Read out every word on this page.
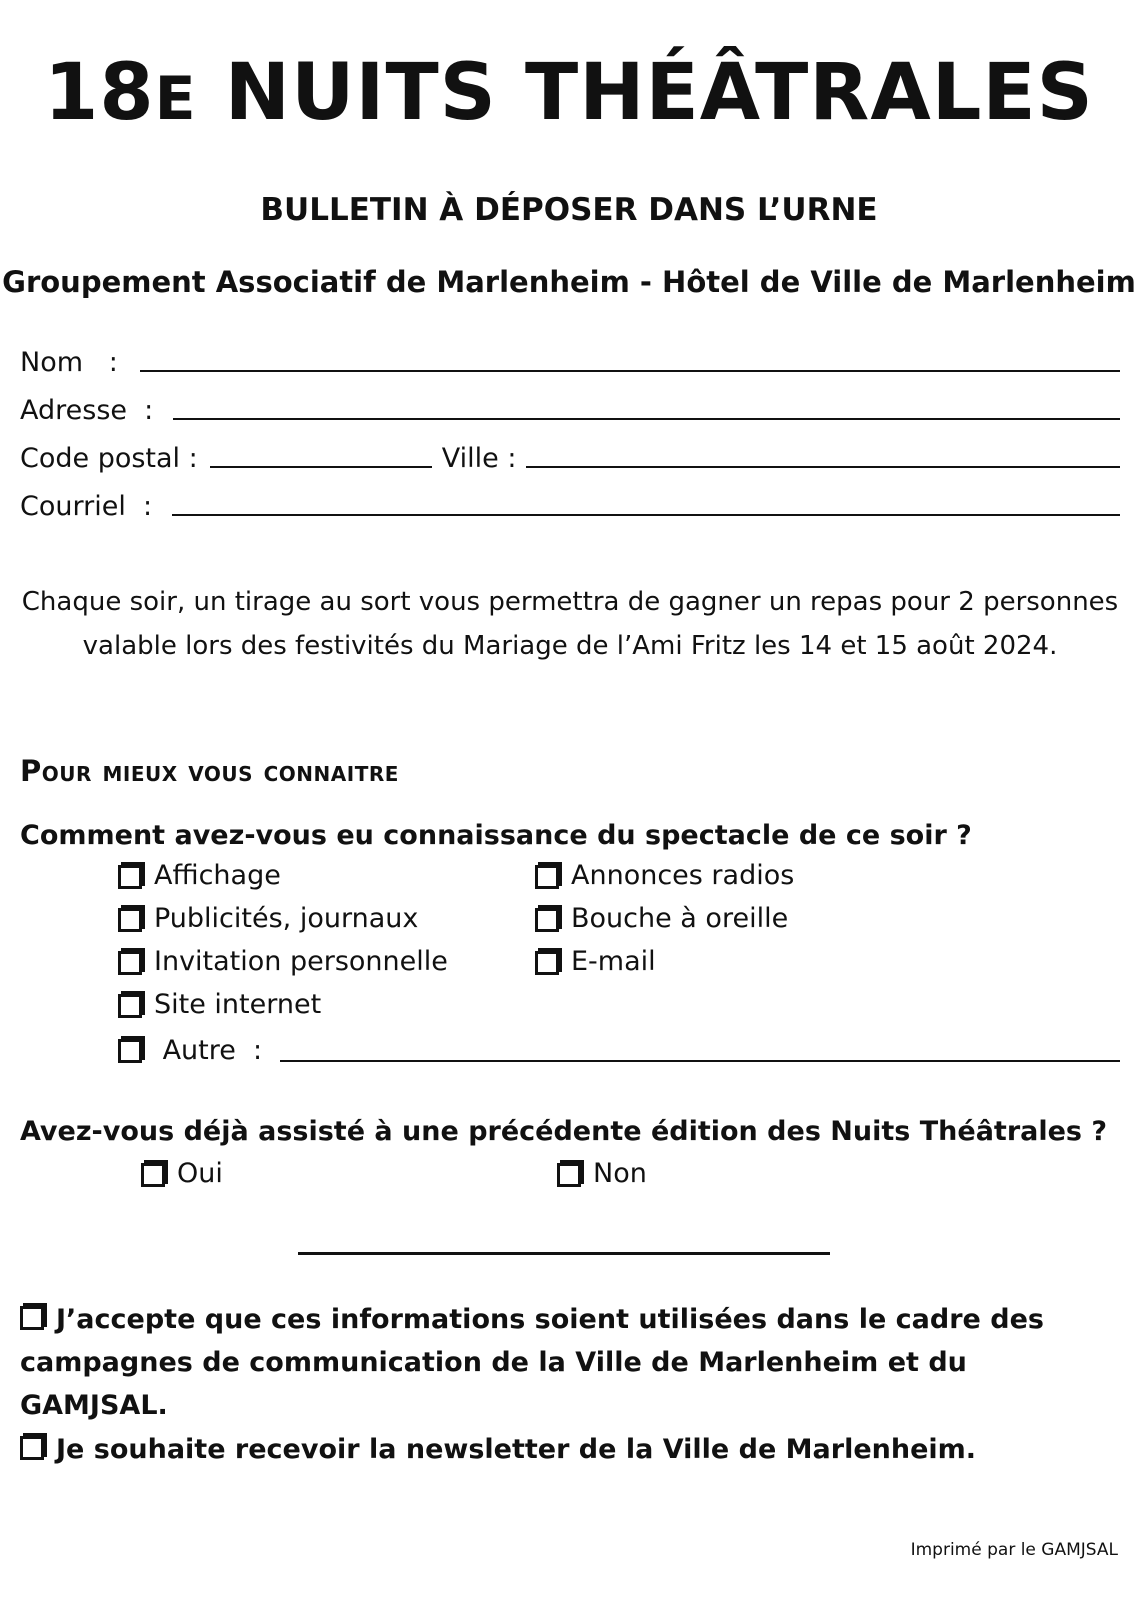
18E NUITS THÉÂTRALES
BULLETIN À DÉPOSER DANS L’URNE
Groupement Associatif de Marlenheim - Hôtel de Ville de Marlenheim
Nom   :
Adresse  :
Code postal :	Ville :
Courriel  :
Chaque soir, un tirage au sort vous permettra de gagner un repas pour 2 personnes valable lors des festivités du Mariage de l’Ami Fritz les 14 et 15 août 2024.
Pour mieux vous connaitre
Comment avez-vous eu connaissance du spectacle de ce soir ?
Affichage
Publicités, journaux
Invitation personnelle
Site internet
Autre  :
Annonces radios
Bouche à oreille
E-mail
Avez-vous déjà assisté à une précédente édition des Nuits Théâtrales ?
Oui	Non
J’accepte que ces informations soient utilisées dans le cadre des campagnes de communication de la Ville de Marlenheim et du GAMJSAL.
Je souhaite recevoir la newsletter de la Ville de Marlenheim.
Imprimé par le GAMJSAL
